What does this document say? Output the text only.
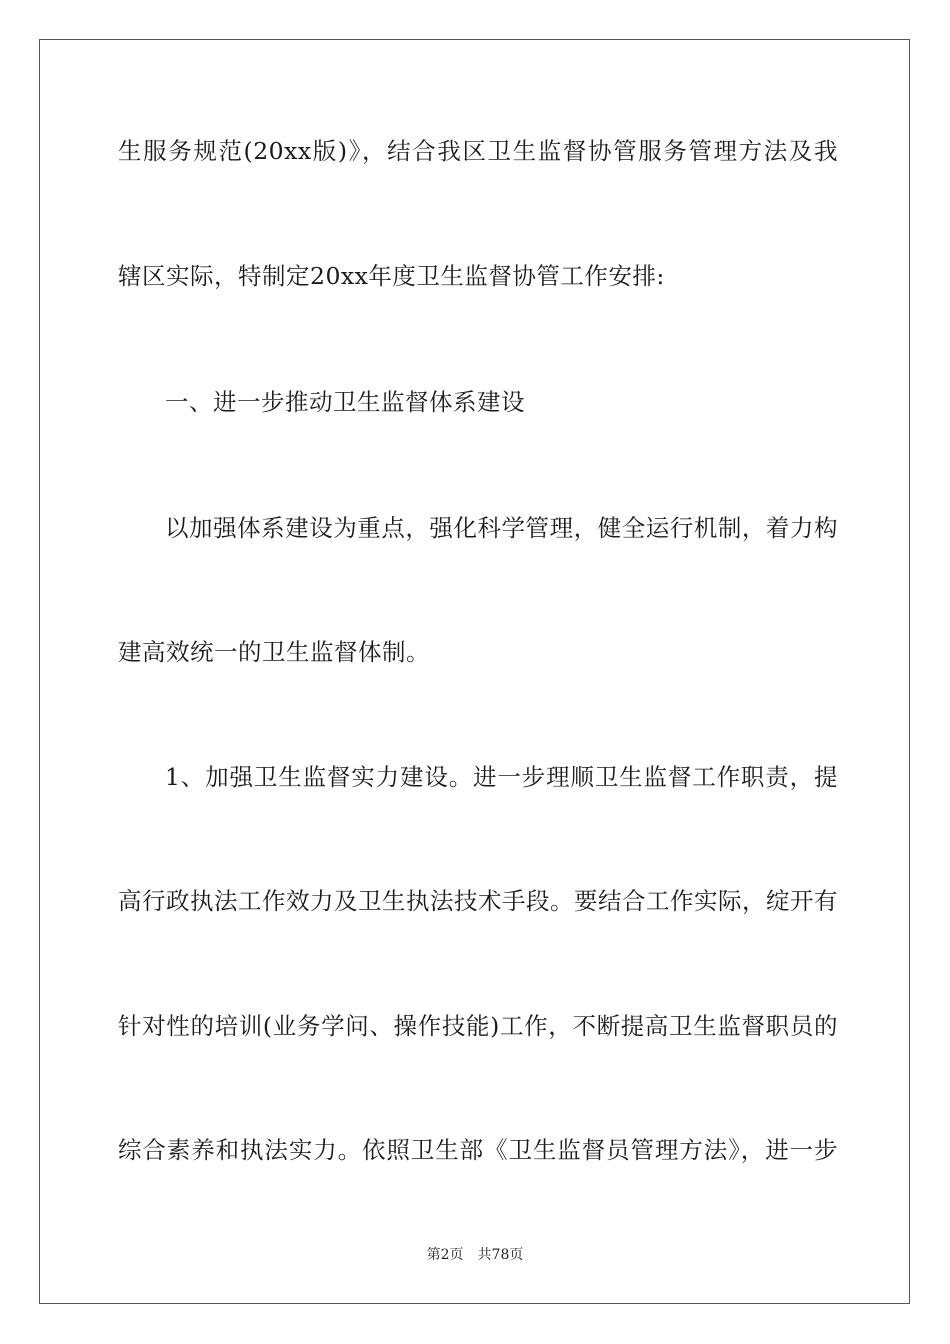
生服务规范(20xx版)》，结合我区卫生监督协管服务管理方法及我
辖区实际，特制定20xx年度卫生监督协管工作安排:
一、进一步推动卫生监督体系建设
以加强体系建设为重点，强化科学管理，健全运行机制，着力构
建高效统一的卫生监督体制。
1、加强卫生监督实力建设。进一步理顺卫生监督工作职责，提
高行政执法工作效力及卫生执法技术手段。要结合工作实际，绽开有
针对性的培训(业务学问、操作技能)工作，不断提高卫生监督职员的
综合素养和执法实力。依照卫生部《卫生监督员管理方法》，进一步
第2页 共78页
